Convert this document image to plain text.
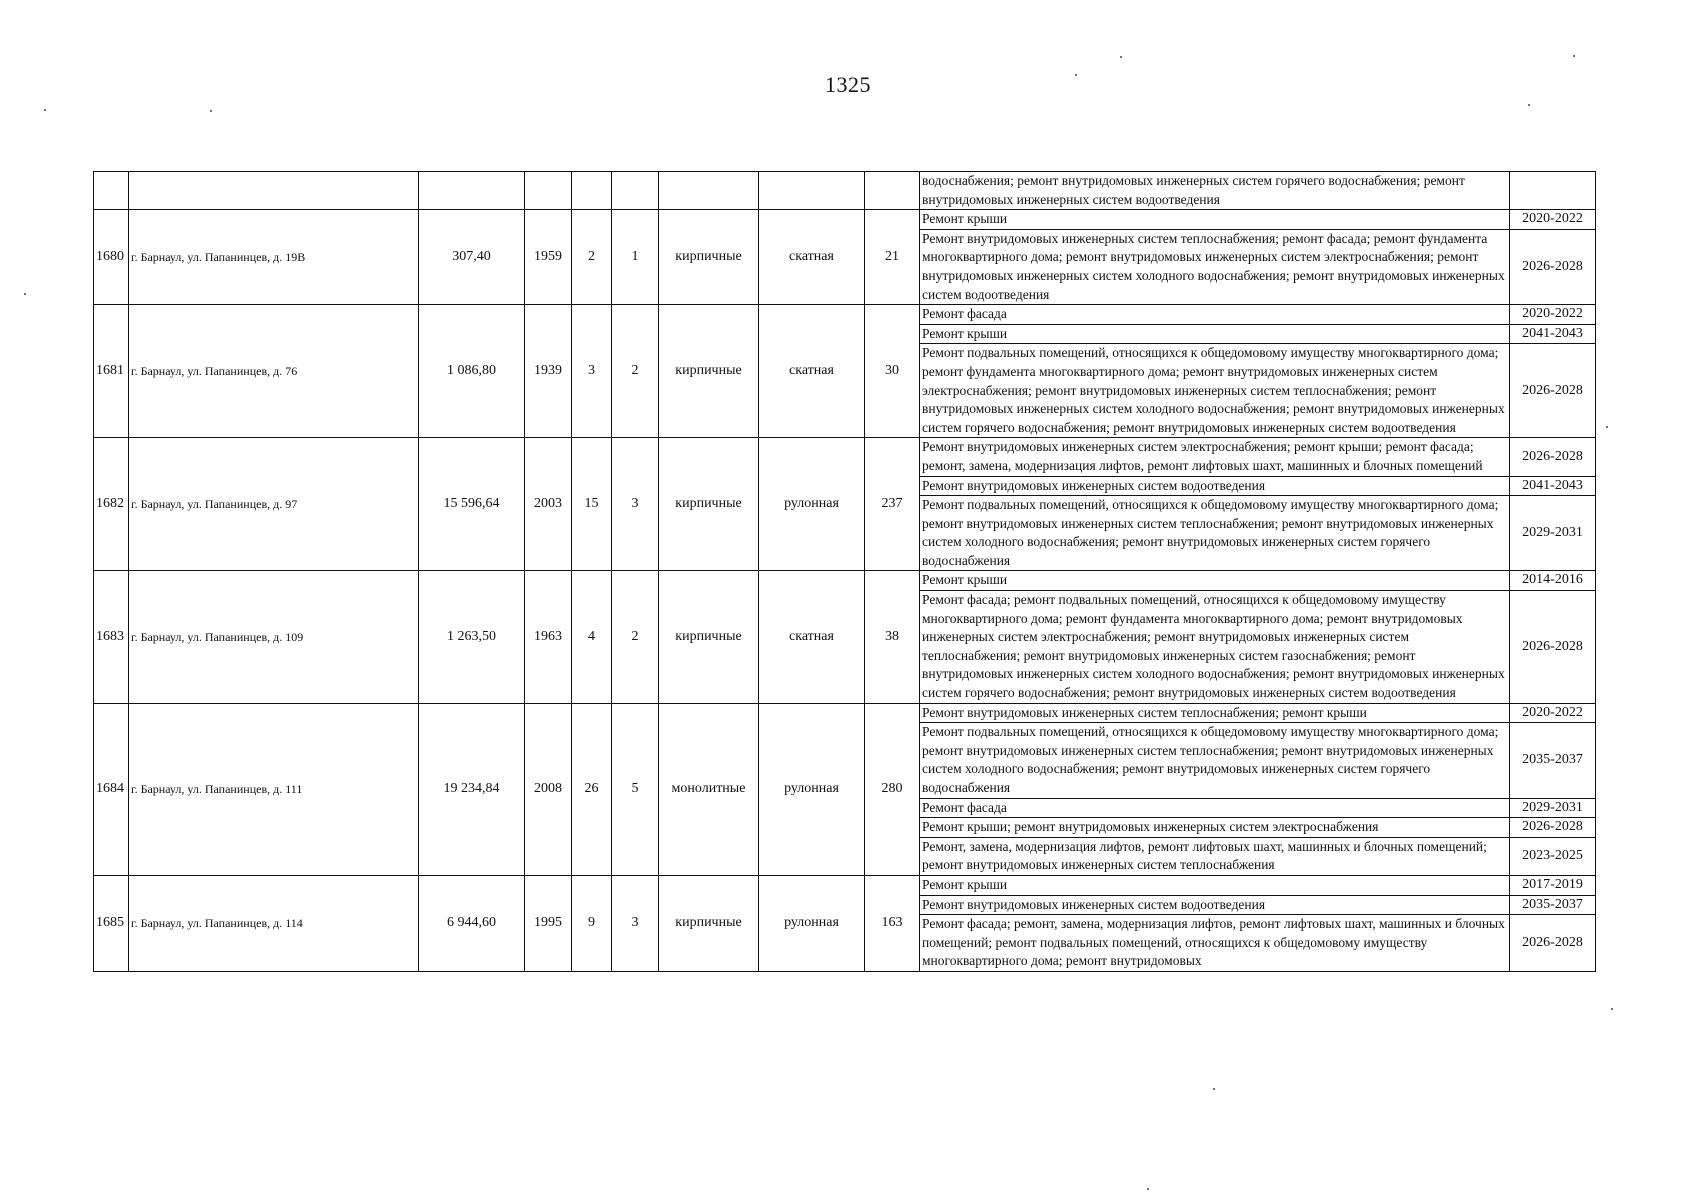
1325
									водоснабжения; ремонт внутридомовых инженерных систем горячего водоснабжения; ремонт внутридомовых инженерных систем водоотведения	
1680	г. Барнаул, ул. Папанинцев, д. 19В	307,40	1959	2	1	кирпичные	скатная	21	Ремонт крыши	2020-2022
									Ремонт внутридомовых инженерных систем теплоснабжения; ремонт фасада; ремонт фундамента многоквартирного дома; ремонт внутридомовых инженерных систем электроснабжения; ремонт внутридомовых инженерных систем холодного водоснабжения; ремонт внутридомовых инженерных систем водоотведения	2026-2028
1681	г. Барнаул, ул. Папанинцев, д. 76	1 086,80	1939	3	2	кирпичные	скатная	30	Ремонт фасада	2020-2022
									Ремонт крыши	2041-2043
									Ремонт подвальных помещений, относящихся к общедомовому имуществу многоквартирного дома; ремонт фундамента многоквартирного дома; ремонт внутридомовых инженерных систем электроснабжения; ремонт внутридомовых инженерных систем теплоснабжения; ремонт внутридомовых инженерных систем холодного водоснабжения; ремонт внутридомовых инженерных систем горячего водоснабжения; ремонт внутридомовых инженерных систем водоотведения	2026-2028
1682	г. Барнаул, ул. Папанинцев, д. 97	15 596,64	2003	15	3	кирпичные	рулонная	237	Ремонт внутридомовых инженерных систем электроснабжения; ремонт крыши; ремонт фасада; ремонт, замена, модернизация лифтов, ремонт лифтовых шахт, машинных и блочных помещений	2026-2028
									Ремонт внутридомовых инженерных систем водоотведения	2041-2043
									Ремонт подвальных помещений, относящихся к общедомовому имуществу многоквартирного дома; ремонт внутридомовых инженерных систем теплоснабжения; ремонт внутридомовых инженерных систем холодного водоснабжения; ремонт внутридомовых инженерных систем горячего водоснабжения	2029-2031
1683	г. Барнаул, ул. Папанинцев, д. 109	1 263,50	1963	4	2	кирпичные	скатная	38	Ремонт крыши	2014-2016
									Ремонт фасада; ремонт подвальных помещений, относящихся к общедомовому имуществу многоквартирного дома; ремонт фундамента многоквартирного дома; ремонт внутридомовых инженерных систем электроснабжения; ремонт внутридомовых инженерных систем теплоснабжения; ремонт внутридомовых инженерных систем газоснабжения; ремонт внутридомовых инженерных систем холодного водоснабжения; ремонт внутридомовых инженерных систем горячего водоснабжения; ремонт внутридомовых инженерных систем водоотведения	2026-2028
1684	г. Барнаул, ул. Папанинцев, д. 111	19 234,84	2008	26	5	монолитные	рулонная	280	Ремонт внутридомовых инженерных систем теплоснабжения; ремонт крыши	2020-2022
									Ремонт подвальных помещений, относящихся к общедомовому имуществу многоквартирного дома; ремонт внутридомовых инженерных систем теплоснабжения; ремонт внутридомовых инженерных систем холодного водоснабжения; ремонт внутридомовых инженерных систем горячего водоснабжения	2035-2037
									Ремонт фасада	2029-2031
									Ремонт крыши; ремонт внутридомовых инженерных систем электроснабжения	2026-2028
									Ремонт, замена, модернизация лифтов, ремонт лифтовых шахт, машинных и блочных помещений; ремонт внутридомовых инженерных систем теплоснабжения	2023-2025
1685	г. Барнаул, ул. Папанинцев, д. 114	6 944,60	1995	9	3	кирпичные	рулонная	163	Ремонт крыши	2017-2019
									Ремонт внутридомовых инженерных систем водоотведения	2035-2037
									Ремонт фасада; ремонт, замена, модернизация лифтов, ремонт лифтовых шахт, машинных и блочных помещений; ремонт подвальных помещений, относящихся к общедомовому имуществу многоквартирного дома; ремонт внутридомовых	2026-2028
